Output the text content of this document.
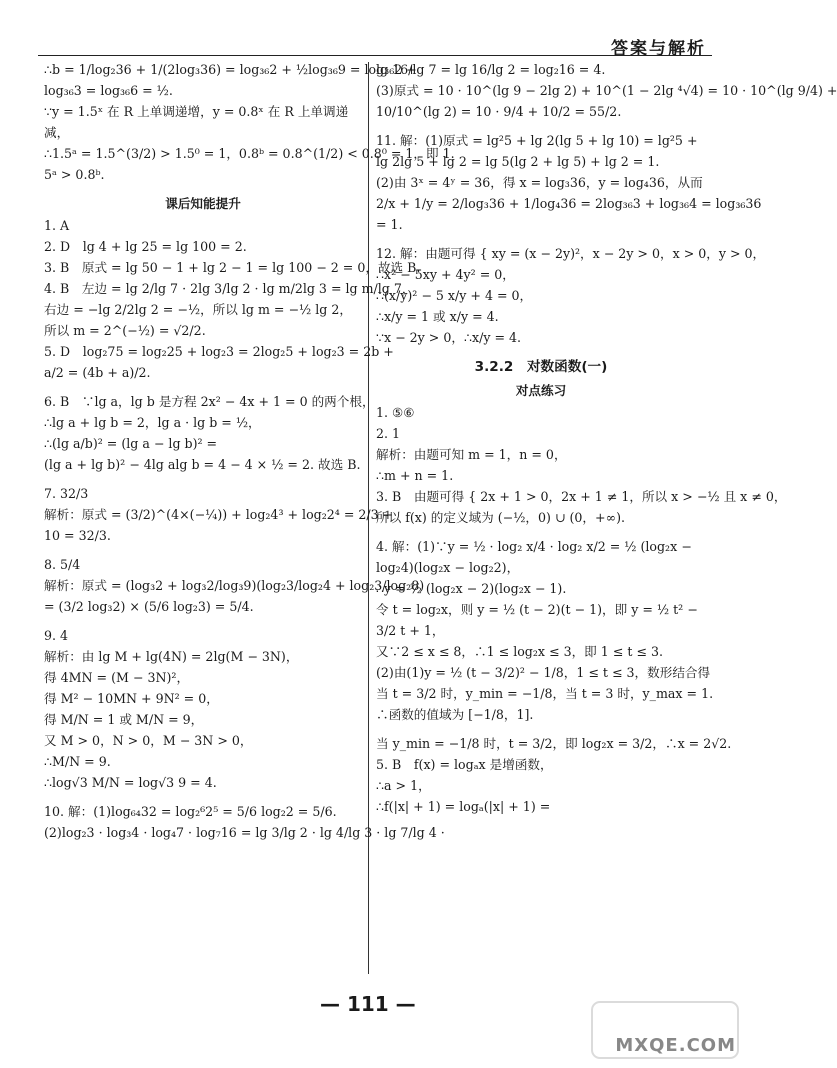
答案与解析
∴b = 1/log₂36 + 1/(2log₃36) = log₃₆2 + ½log₃₆9 = log₃₆2 +
log₃₆3 = log₃₆6 = ½.
∵y = 1.5ˣ 在 R 上单调递增，y = 0.8ˣ 在 R 上单调递
减，
∴1.5ᵃ = 1.5^(3/2) > 1.5⁰ = 1，0.8ᵇ = 0.8^(1/2) < 0.8⁰ = 1，即 1.
5ᵃ > 0.8ᵇ.
课后知能提升
1. A
2. D　lg 4 + lg 25 = lg 100 = 2.
3. B　原式 = lg 50 − 1 + lg 2 − 1 = lg 100 − 2 = 0，故选 B.
4. B　左边 = lg 2/lg 7 · 2lg 3/lg 2 · lg m/2lg 3 = lg m/lg 7，
右边 = −lg 2/2lg 2 = −½，所以 lg m = −½ lg 2，
所以 m = 2^(−½) = √2/2.
5. D　log₂75 = log₂25 + log₂3 = 2log₂5 + log₂3 = 2b +
a/2 = (4b + a)/2.
6. B　∵lg a，lg b 是方程 2x² − 4x + 1 = 0 的两个根，
∴lg a + lg b = 2，lg a · lg b = ½，
∴(lg a/b)² = (lg a − lg b)² =
(lg a + lg b)² − 4lg alg b = 4 − 4 × ½ = 2. 故选 B.
7. 32/3
解析：原式 = (3/2)^(4×(−¼)) + log₂4³ + log₂2⁴ = 2/3 +
10 = 32/3.
8. 5/4
解析：原式 = (log₃2 + log₃2/log₃9)(log₂3/log₂4 + log₂3/log₂8)
= (3/2 log₃2) × (5/6 log₂3) = 5/4.
9. 4
解析：由 lg M + lg(4N) = 2lg(M − 3N)，
得 4MN = (M − 3N)²，
得 M² − 10MN + 9N² = 0，
得 M/N = 1 或 M/N = 9，
又 M > 0，N > 0，M − 3N > 0，
∴M/N = 9.
∴log√3 M/N = log√3 9 = 4.
10. 解：(1)log₆₄32 = log₂⁶2⁵ = 5/6 log₂2 = 5/6.
(2)log₂3 · log₃4 · log₄7 · log₇16 = lg 3/lg 2 · lg 4/lg 3 · lg 7/lg 4 ·
lg 16/lg 7 = lg 16/lg 2 = log₂16 = 4.
(3)原式 = 10 · 10^(lg 9 − 2lg 2) + 10^(1 − 2lg ⁴√4) = 10 · 10^(lg 9/4) +
10/10^(lg 2) = 10 · 9/4 + 10/2 = 55/2.
11. 解：(1)原式 = lg²5 + lg 2(lg 5 + lg 10) = lg²5 +
lg 2lg 5 + lg 2 = lg 5(lg 2 + lg 5) + lg 2 = 1.
(2)由 3ˣ = 4ʸ = 36，得 x = log₃36，y = log₄36，从而
2/x + 1/y = 2/log₃36 + 1/log₄36 = 2log₃₆3 + log₃₆4 = log₃₆36
= 1.
12. 解：由题可得 { xy = (x − 2y)²，x − 2y > 0，x > 0，y > 0，
∴x² − 5xy + 4y² = 0，
∴(x/y)² − 5 x/y + 4 = 0，
∴x/y = 1 或 x/y = 4.
∵x − 2y > 0，∴x/y = 4.
3.2.2　对数函数(一)
对点练习
1. ⑤⑥
2. 1
解析：由题可知 m = 1，n = 0，
∴m + n = 1.
3. B　由题可得 { 2x + 1 > 0，2x + 1 ≠ 1，所以 x > −½ 且 x ≠ 0，
所以 f(x) 的定义域为 (−½，0) ∪ (0，+∞).
4. 解：(1)∵y = ½ · log₂ x/4 · log₂ x/2 = ½ (log₂x −
log₂4)(log₂x − log₂2)，
∴y = ½ (log₂x − 2)(log₂x − 1).
令 t = log₂x，则 y = ½ (t − 2)(t − 1)，即 y = ½ t² −
3/2 t + 1，
又∵2 ≤ x ≤ 8，∴1 ≤ log₂x ≤ 3，即 1 ≤ t ≤ 3.
(2)由(1)y = ½ (t − 3/2)² − 1/8，1 ≤ t ≤ 3，数形结合得
当 t = 3/2 时，y_min = −1/8，当 t = 3 时，y_max = 1.
∴函数的值域为 [−1/8，1].
当 y_min = −1/8 时，t = 3/2，即 log₂x = 3/2，∴x = 2√2.
5. B　f(x) = logₐx 是增函数，
∴a > 1，
∴f(|x| + 1) = logₐ(|x| + 1) =
— 111 —
MXQE.COM
